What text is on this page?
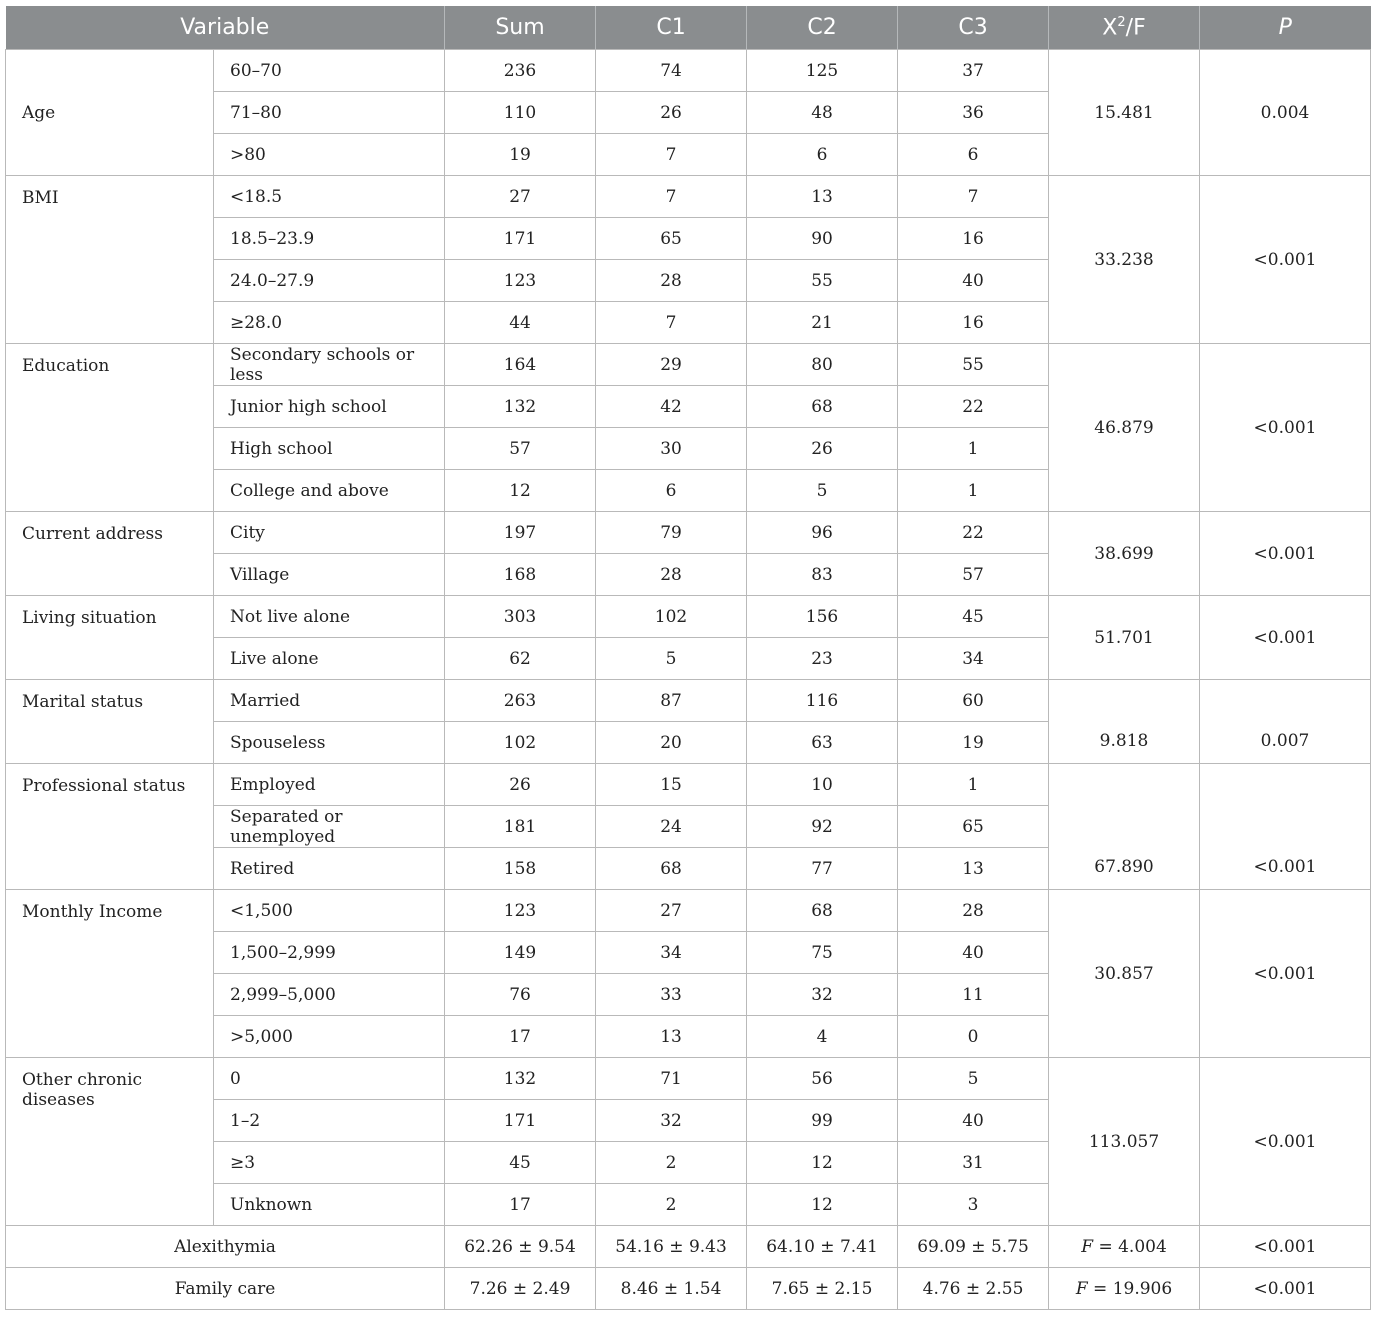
Variable		Sum	C1	C2	C3	$X^2/F$	P
Age	60–70	236	74	125	37	15.481	0.004
	71–80	110	26	48	36		
	>80	19	7	6	6		
BMI	<18.5	27	7	13	7	33.238	<0.001
	18.5–23.9	171	65	90	16		
	24.0–27.9	123	28	55	40		
	≥28.0	44	7	21	16		
Education	Secondary schools or less	164	29	80	55	46.879	<0.001
	Junior high school	132	42	68	22		
	High school	57	30	26	1		
	College and above	12	6	5	1		
Current address	City	197	79	96	22	38.699	<0.001
	Village	168	28	83	57		
Living situation	Not live alone	303	102	156	45	51.701	<0.001
	Live alone	62	5	23	34		
Marital status	Married	263	87	116	60	9.818	0.007
	Spouseless	102	20	63	19		
Professional status	Employed	26	15	10	1	67.890	<0.001
	Separated or unemployed	181	24	92	65		
	Retired	158	68	77	13		
Monthly Income	<1,500	123	27	68	28	30.857	<0.001
	1,500–2,999	149	34	75	40		
	2,999–5,000	76	33	32	11		
	>5,000	17	13	4	0		
Other chronic diseases	0	132	71	56	5	113.057	<0.001
	1–2	171	32	99	40		
	≥3	45	2	12	31		
	Unknown	17	2	12	3		
Alexithymia		62.26 ± 9.54	54.16 ± 9.43	64.10 ± 7.41	69.09 ± 5.75	F = 4.004	<0.001
Family care		7.26 ± 2.49	8.46 ± 1.54	7.65 ± 2.15	4.76 ± 2.55	F = 19.906	<0.001
